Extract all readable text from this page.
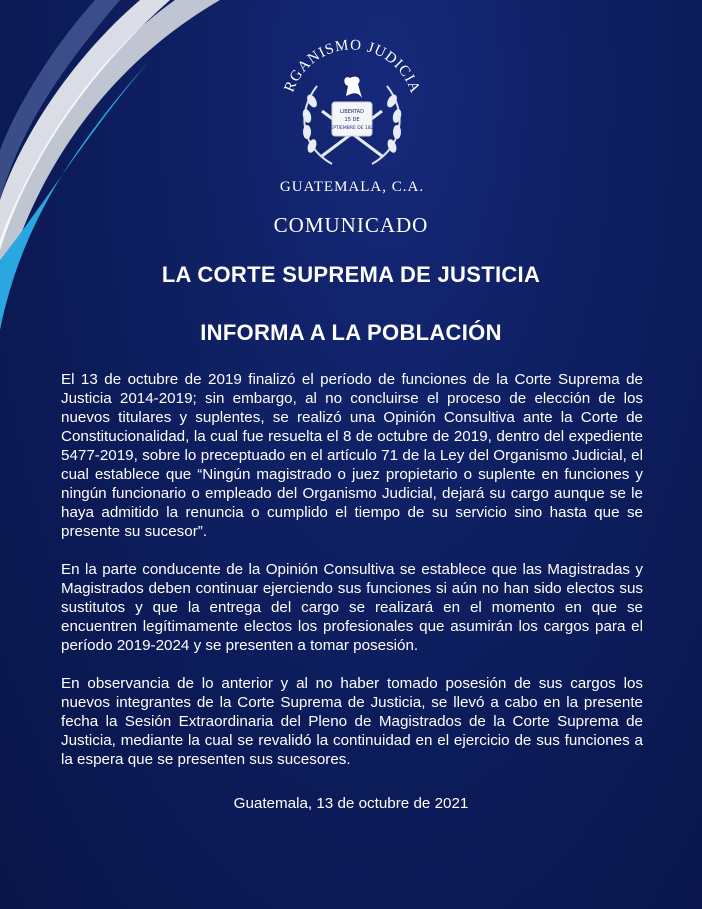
RGANISMO JUDICIA
LIBERTAD
15 DE
SEPTIEMBRE DE 1821
GUATEMALA, C.A.
COMUNICADO
LA CORTE SUPREMA DE JUSTICIA
INFORMA A LA POBLACIÓN

El 13 de octubre de 2019 finalizó el período de funciones de la Corte Suprema de Justicia 2014-2019; sin embargo, al no concluirse el proceso de elección de los nuevos titulares y suplentes, se realizó una Opinión Consultiva ante la Corte de Constitucionalidad, la cual fue resuelta el 8 de octubre de 2019, dentro del expediente 5477-2019, sobre lo preceptuado en el artículo 71 de la Ley del Organismo Judicial, el cual establece que “Ningún magistrado o juez propietario o suplente en funciones y ningún funcionario o empleado del Organismo Judicial, dejará su cargo aunque se le haya admitido la renuncia o cumplido el tiempo de su servicio sino hasta que se presente su sucesor”.

En la parte conducente de la Opinión Consultiva se establece que las Magistradas y Magistrados deben continuar ejerciendo sus funciones si aún no han sido electos sus sustitutos y que la entrega del cargo se realizará en el momento en que se encuentren legítimamente electos los profesionales que asumirán los cargos para el período 2019-2024 y se presenten a tomar posesión.

En observancia de lo anterior y al no haber tomado posesión de sus cargos los nuevos integrantes de la Corte Suprema de Justicia, se llevó a cabo en la presente fecha la Sesión Extraordinaria del Pleno de Magistrados de la Corte Suprema de Justicia, mediante la cual se revalidó la continuidad en el ejercicio de sus funciones a la espera que se presenten sus sucesores.

Guatemala, 13 de octubre de 2021
